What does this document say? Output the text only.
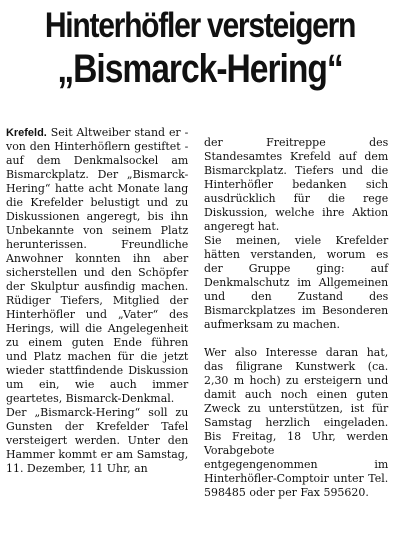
Hinterhöfler versteigern
„Bismarck-Hering“

Krefeld. Seit Altweiber stand er - von den Hinterhöflern gestiftet - auf dem Denkmalsockel am Bismarckplatz. Der „Bismarck-Hering“ hatte acht Monate lang die Krefelder belustigt und zu Diskussionen angeregt, bis ihn Unbekannte von seinem Platz herunterissen. Freundliche Anwohner konnten ihn aber sicherstellen und den Schöpfer der Skulptur ausfindig machen. Rüdiger Tiefers, Mitglied der Hinterhöfler und „Vater“ des Herings, will die Angelegenheit zu einem guten Ende führen und Platz machen für die jetzt wieder stattfindende Diskussion um ein, wie auch immer geartetes, Bismarck-Denkmal.

Der „Bismarck-Hering“ soll zu Gunsten der Krefelder Tafel versteigert werden. Unter den Hammer kommt er am Samstag, 11. Dezember, 11 Uhr, an

der Freitreppe des Standesamtes Krefeld auf dem Bismarckplatz. Tiefers und die Hinterhöfler bedanken sich ausdrücklich für die rege Diskussion, welche ihre Aktion angeregt hat.

Sie meinen, viele Krefelder hätten verstanden, worum es der Gruppe ging: auf Denkmalschutz im Allgemeinen und den Zustand des Bismarckplatzes im Besonderen aufmerksam zu machen.

Wer also Interesse daran hat, das filigrane Kunstwerk (ca. 2,30 m hoch) zu ersteigern und damit auch noch einen guten Zweck zu unterstützen, ist für Samstag herzlich eingeladen. Bis Freitag, 18 Uhr, werden Vorabgebote entgegengenommen im Hinterhöfler-Comptoir unter Tel. 598485 oder per Fax 595620.
